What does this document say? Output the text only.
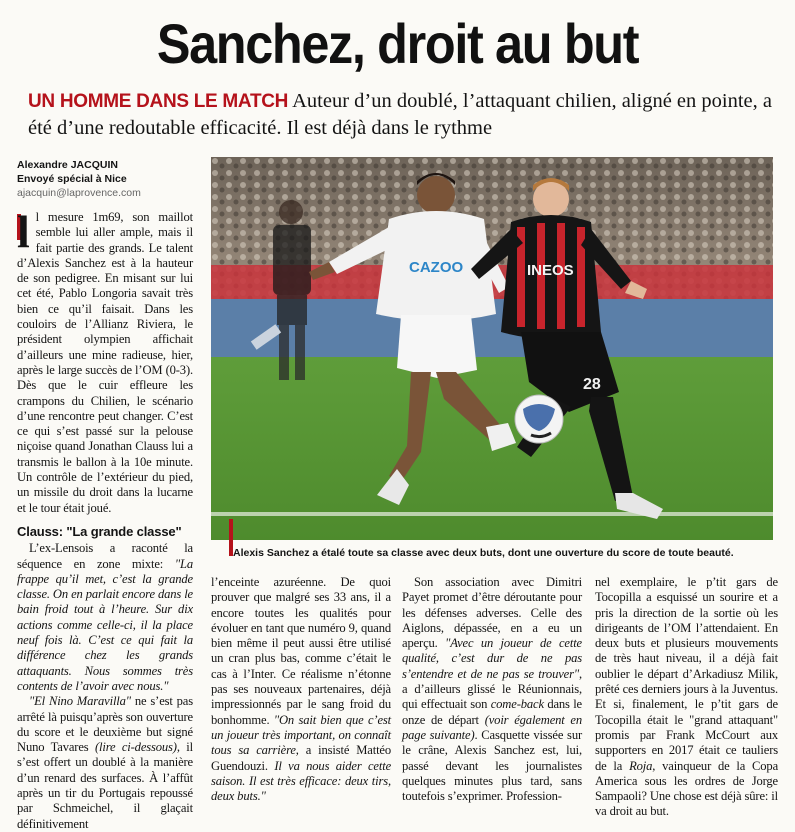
Sanchez, droit au but

UN HOMME DANS LE MATCH Auteur d’un doublé, l’attaquant chilien, aligné en pointe, a été d’une redoutable efficacité. Il est déjà dans le rythme

Alexandre JACQUIN
Envoyé spécial à Nice
ajacquin@laprovence.com
CAZOO	INEOS
28
Alexis Sanchez a étalé toute sa classe avec deux buts, dont une ouverture du score de toute beauté.

ll mesure 1m69, son maillot semble lui aller ample, mais il fait partie des grands. Le talent d’Alexis Sanchez est à la hauteur de son pedigree. En misant sur lui cet été, Pablo Longoria savait très bien ce qu’il faisait. Dans les couloirs de l’Allianz Riviera, le président olympien affichait d’ailleurs une mine radieuse, hier, après le large succès de l’OM (0-3). Dès que le cuir effleure les crampons du Chilien, le scénario d’une rencontre peut changer. C’est ce qui s’est passé sur la pelouse niçoise quand Jonathan Clauss lui a transmis le ballon à la 10e minute. Un contrôle de l’extérieur du pied, un missile du droit dans la lucarne et le tour était joué.

Clauss: "La grande classe"

L’ex-Lensois a raconté la séquence en zone mixte: "La frappe qu’il met, c’est la grande classe. On en parlait encore dans le bain froid tout à l’heure. Sur dix actions comme celle-ci, il la place neuf fois là. C’est ce qui fait la différence chez les grands attaquants. Nous sommes très contents de l’avoir avec nous."

"El Nino Maravilla" ne s’est pas arrêté là puisqu’après son ouverture du score et le deuxième but signé Nuno Tavares (lire ci-dessous), il s’est offert un doublé à la manière d’un renard des surfaces. À l’affût après un tir du Portugais repoussé par Schmeichel, il glaçait définitivement

l’enceinte azuréenne. De quoi prouver que malgré ses 33 ans, il a encore toutes les qualités pour évoluer en tant que numéro 9, quand bien même il peut aussi être utilisé un cran plus bas, comme c’était le cas à l’Inter. Ce réalisme n’étonne pas ses nouveaux partenaires, déjà impressionnés par le sang froid du bonhomme. "On sait bien que c’est un joueur très important, on connaît tous sa carrière, a insisté Mattéo Guendouzi. Il va nous aider cette saison. Il est très efficace: deux tirs, deux buts."

Son association avec Dimitri Payet promet d’être déroutante pour les défenses adverses. Celle des Aiglons, dépassée, en a eu un aperçu. "Avec un joueur de cette qualité, c’est dur de ne pas s’entendre et de ne pas se trouver", a d’ailleurs glissé le Réunionnais, qui effectuait son come-back dans le onze de départ (voir également en page suivante). Casquette vissée sur le crâne, Alexis Sanchez est, lui, passé devant les journalistes quelques minutes plus tard, sans toutefois s’exprimer. Profession-

nel exemplaire, le p’tit gars de Tocopilla a esquissé un sourire et a pris la direction de la sortie où les dirigeants de l’OM l’attendaient. En deux buts et plusieurs mouvements de très haut niveau, il a déjà fait oublier le départ d’Arkadiusz Milik, prêté ces derniers jours à la Juventus. Et si, finalement, le p’tit gars de Tocopilla était le "grand attaquant" promis par Frank McCourt aux supporters en 2017 était ce tauliers de la Roja, vainqueur de la Copa America sous les ordres de Jorge Sampaoli? Une chose est déjà sûre: il va droit au but.
